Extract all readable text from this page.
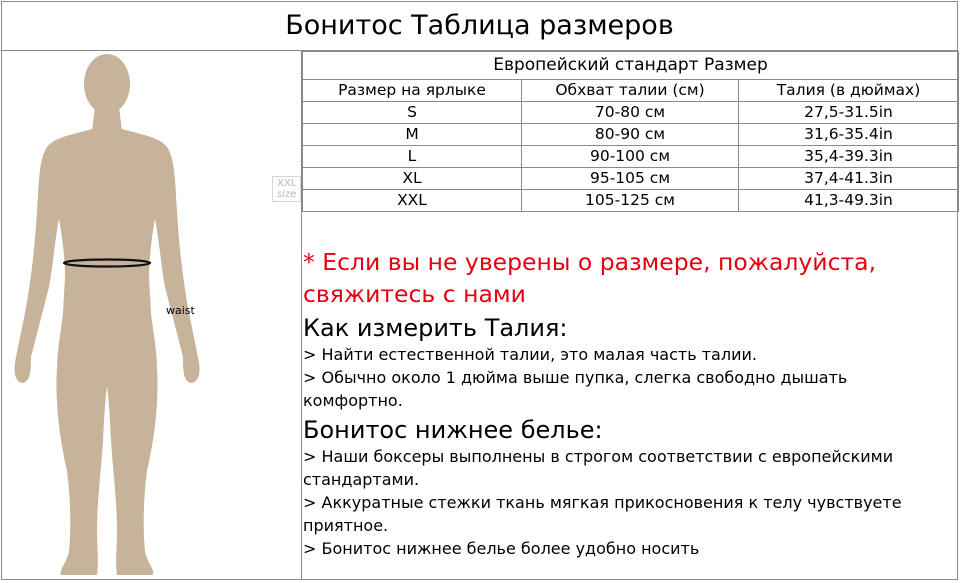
Бонитос Таблица размеров
XXL size
waist
Европейский стандарт Размер		
Размер на ярлыке	Обхват талии (см)	Талия (в дюймах)
S	70-80 см	27,5-31.5in
M	80-90 см	31,6-35.4in
L	90-100 см	35,4-39.3in
XL	95-105 см	37,4-41.3in
XXL	105-125 см	41,3-49.3in
* Если вы не уверены о размере, пожалуйста,
свяжитесь с нами
Как измерить Талия:
> Найти естественной талии, это малая часть талии.
> Обычно около 1 дюйма выше пупка, слегка свободно дышать
комфортно.
Бонитос нижнее белье:
> Наши боксеры выполнены в строгом соответствии с европейскими
стандартами.
> Аккуратные стежки ткань мягкая прикосновения к телу чувствуете
приятное.
> Бонитос нижнее белье более удобно носить
